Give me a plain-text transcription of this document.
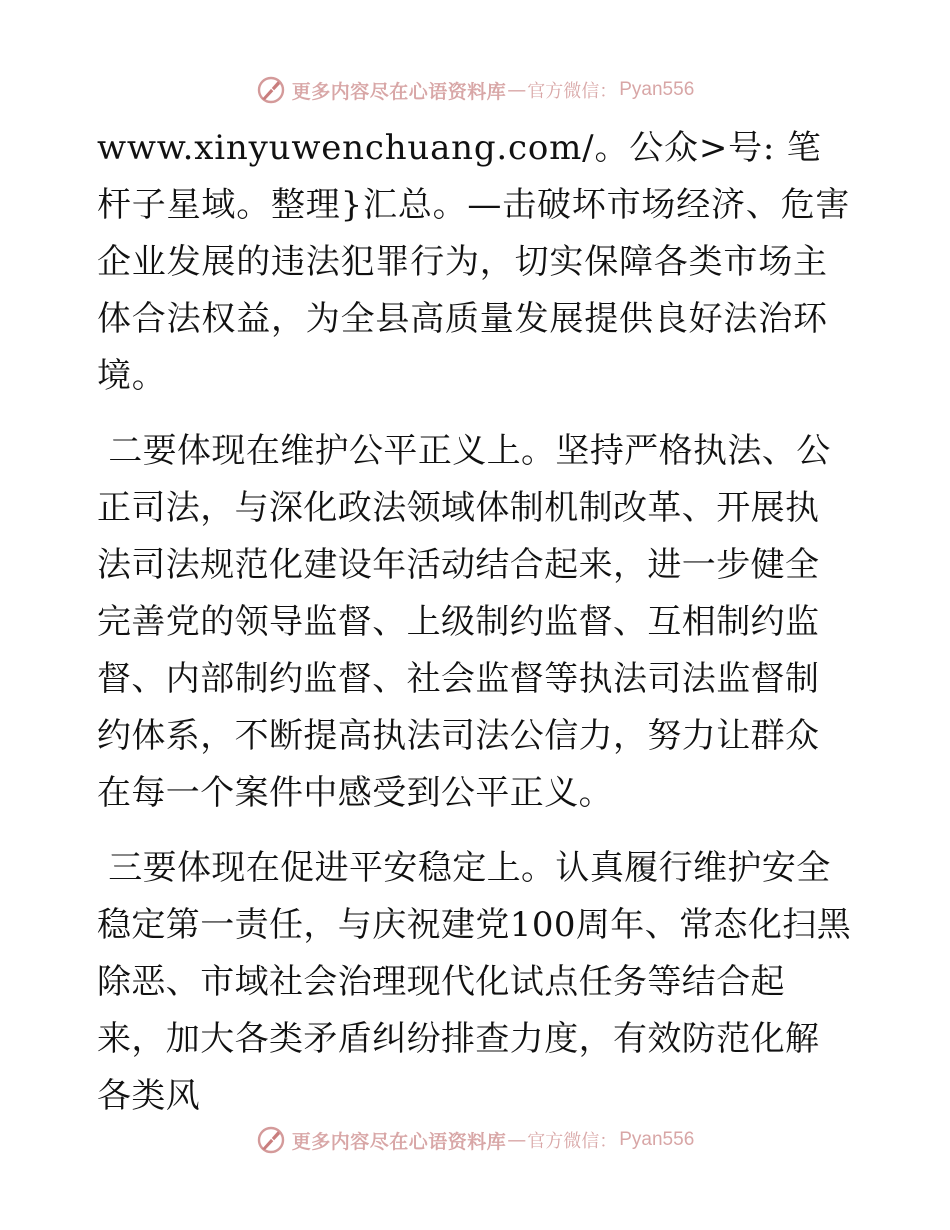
更多内容尽在心语资料库 — 官方微信： Pyan556

www.xinyuwenchuang.com/。公众>号: 笔杆子星域。整理}汇总。—击破坏市场经济、危害企业发展的违法犯罪行为，切实保障各类市场主体合法权益，为全县高质量发展提供良好法治环境。

二要体现在维护公平正义上。坚持严格执法、公正司法，与深化政法领域体制机制改革、开展执法司法规范化建设年活动结合起来，进一步健全完善党的领导监督、上级制约监督、互相制约监督、内部制约监督、社会监督等执法司法监督制约体系，不断提高执法司法公信力，努力让群众在每一个案件中感受到公平正义。

三要体现在促进平安稳定上。认真履行维护安全稳定第一责任，与庆祝建党100周年、常态化扫黑除恶、市域社会治理现代化试点任务等结合起来，加大各类矛盾纠纷排查力度，有效防范化解各类风

更多内容尽在心语资料库 — 官方微信： Pyan556
